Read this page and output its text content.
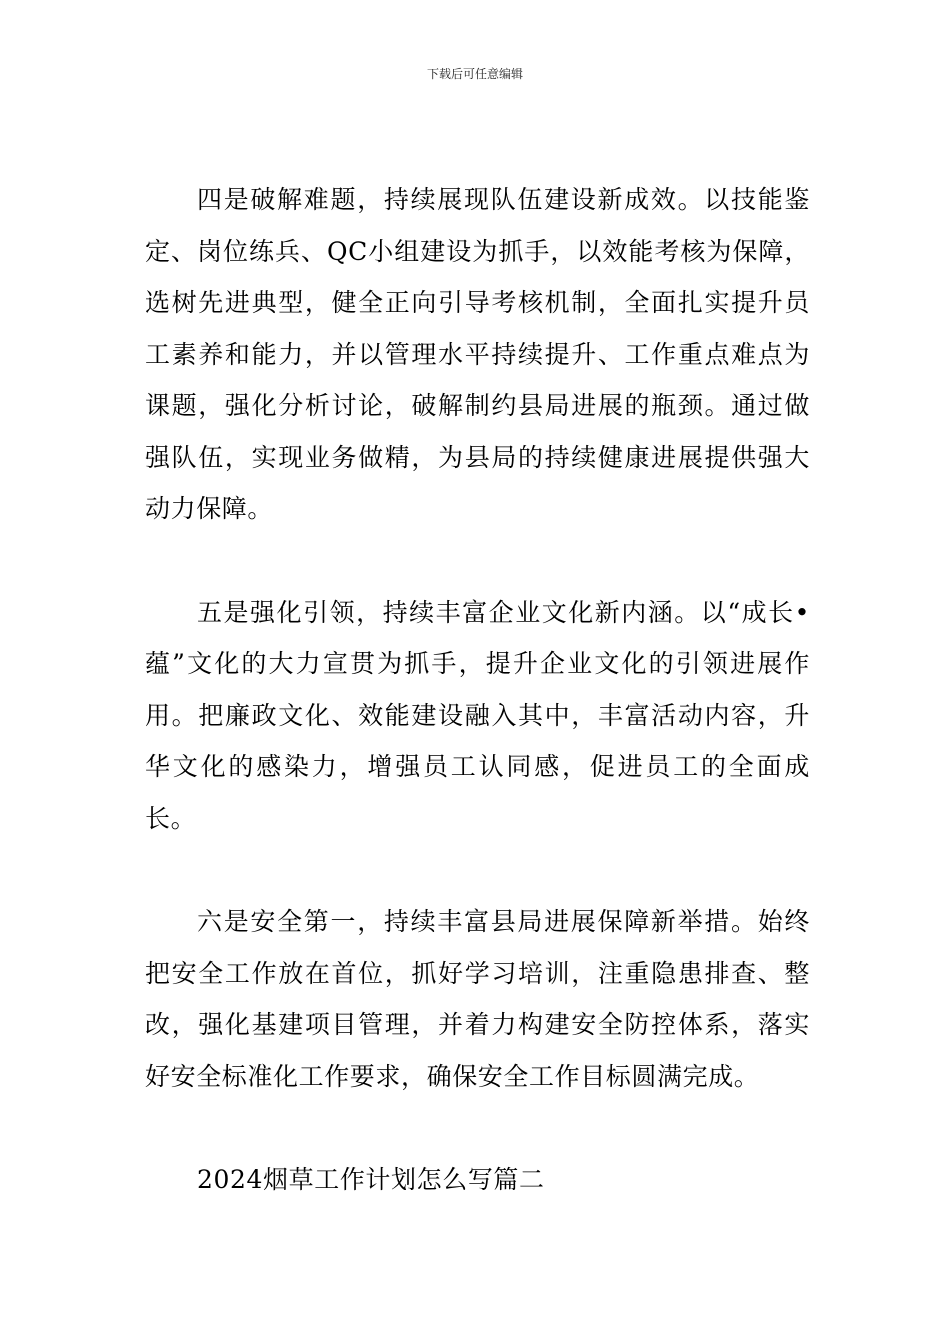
下载后可任意编辑

四是破解难题，持续展现队伍建设新成效。以技能鉴定、岗位练兵、QC小组建设为抓手，以效能考核为保障，选树先进典型，健全正向引导考核机制，全面扎实提升员工素养和能力，并以管理水平持续提升、工作重点难点为课题，强化分析讨论，破解制约县局进展的瓶颈。通过做强队伍，实现业务做精，为县局的持续健康进展提供强大动力保障。

五是强化引领，持续丰富企业文化新内涵。以“成长•蕴”文化的大力宣贯为抓手，提升企业文化的引领进展作用。把廉政文化、效能建设融入其中，丰富活动内容，升华文化的感染力，增强员工认同感，促进员工的全面成长。

六是安全第一，持续丰富县局进展保障新举措。始终把安全工作放在首位，抓好学习培训，注重隐患排查、整改，强化基建项目管理，并着力构建安全防控体系，落实好安全标准化工作要求，确保安全工作目标圆满完成。

2024烟草工作计划怎么写篇二
